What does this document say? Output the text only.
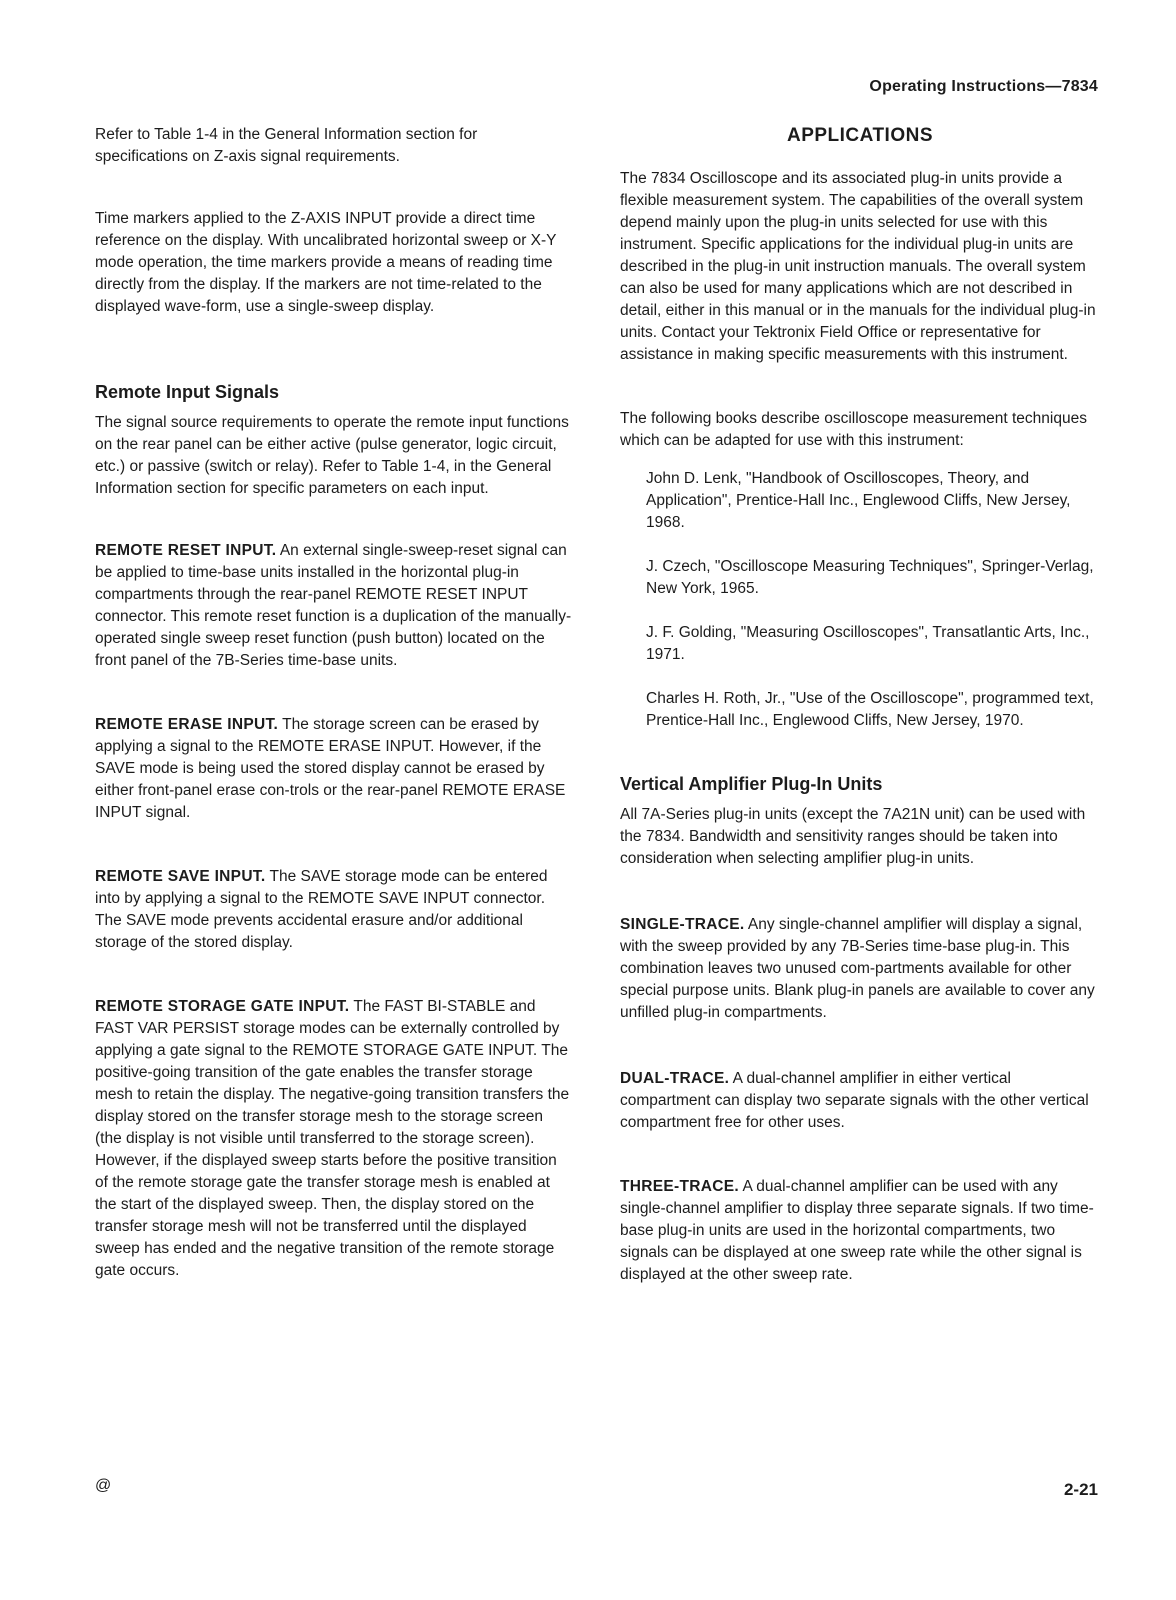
Operating Instructions—7834

Refer to Table 1-4 in the General Information section for specifications on Z-axis signal requirements.

Time markers applied to the Z-AXIS INPUT provide a direct time reference on the display. With uncalibrated horizontal sweep or X-Y mode operation, the time markers provide a means of reading time directly from the display. If the markers are not time-related to the displayed wave-form, use a single-sweep display.

Remote Input Signals

The signal source requirements to operate the remote input functions on the rear panel can be either active (pulse generator, logic circuit, etc.) or passive (switch or relay). Refer to Table 1-4, in the General Information section for specific parameters on each input.

REMOTE RESET INPUT. An external single-sweep-reset signal can be applied to time-base units installed in the horizontal plug-in compartments through the rear-panel REMOTE RESET INPUT connector. This remote reset function is a duplication of the manually-operated single sweep reset function (push button) located on the front panel of the 7B-Series time-base units.

REMOTE ERASE INPUT. The storage screen can be erased by applying a signal to the REMOTE ERASE INPUT. However, if the SAVE mode is being used the stored display cannot be erased by either front-panel erase con-trols or the rear-panel REMOTE ERASE INPUT signal.

REMOTE SAVE INPUT. The SAVE storage mode can be entered into by applying a signal to the REMOTE SAVE INPUT connector. The SAVE mode prevents accidental erasure and/or additional storage of the stored display.

REMOTE STORAGE GATE INPUT. The FAST BI-STABLE and FAST VAR PERSIST storage modes can be externally controlled by applying a gate signal to the REMOTE STORAGE GATE INPUT. The positive-going transition of the gate enables the transfer storage mesh to retain the display. The negative-going transition transfers the display stored on the transfer storage mesh to the storage screen (the display is not visible until transferred to the storage screen). However, if the displayed sweep starts before the positive transition of the remote storage gate the transfer storage mesh is enabled at the start of the displayed sweep. Then, the display stored on the transfer storage mesh will not be transferred until the displayed sweep has ended and the negative transition of the remote storage gate occurs.

APPLICATIONS

The 7834 Oscilloscope and its associated plug-in units provide a flexible measurement system. The capabilities of the overall system depend mainly upon the plug-in units selected for use with this instrument. Specific applications for the individual plug-in units are described in the plug-in unit instruction manuals. The overall system can also be used for many applications which are not described in detail, either in this manual or in the manuals for the individual plug-in units. Contact your Tektronix Field Office or representative for assistance in making specific measurements with this instrument.

The following books describe oscilloscope measurement techniques which can be adapted for use with this instrument:

John D. Lenk, "Handbook of Oscilloscopes, Theory, and Application", Prentice-Hall Inc., Englewood Cliffs, New Jersey, 1968.

J. Czech, "Oscilloscope Measuring Techniques", Springer-Verlag, New York, 1965.

J. F. Golding, "Measuring Oscilloscopes", Transatlantic Arts, Inc., 1971.

Charles H. Roth, Jr., "Use of the Oscilloscope", programmed text, Prentice-Hall Inc., Englewood Cliffs, New Jersey, 1970.

Vertical Amplifier Plug-In Units

All 7A-Series plug-in units (except the 7A21N unit) can be used with the 7834. Bandwidth and sensitivity ranges should be taken into consideration when selecting amplifier plug-in units.

SINGLE-TRACE. Any single-channel amplifier will display a signal, with the sweep provided by any 7B-Series time-base plug-in. This combination leaves two unused com-partments available for other special purpose units. Blank plug-in panels are available to cover any unfilled plug-in compartments.

DUAL-TRACE. A dual-channel amplifier in either vertical compartment can display two separate signals with the other vertical compartment free for other uses.

THREE-TRACE. A dual-channel amplifier can be used with any single-channel amplifier to display three separate signals. If two time-base plug-in units are used in the horizontal compartments, two signals can be displayed at one sweep rate while the other signal is displayed at the other sweep rate.

@	2-21
